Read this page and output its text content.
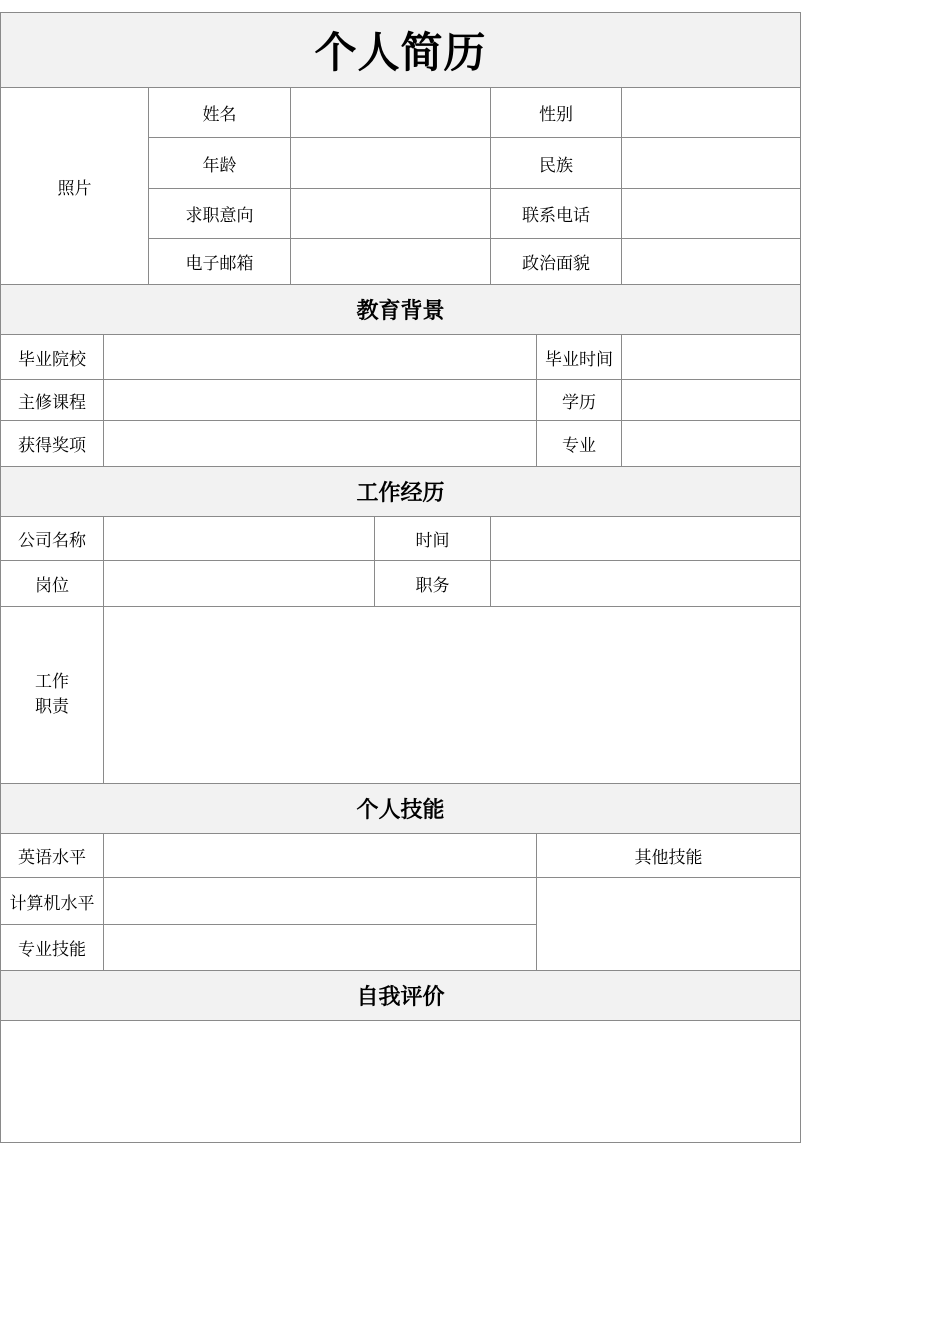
个人简历							
照片		姓名			性别		
		年龄			民族		
		求职意向			联系电话		
		电子邮箱			政治面貌		
教育背景							
毕业院校						毕业时间	
主修课程						学历	
获得奖项						专业	
工作经历							
公司名称				时间			
岗位				职务			

工作
职责							

个人技能							
英语水平						其他技能	
计算机水平							
专业技能							
自我评价							
